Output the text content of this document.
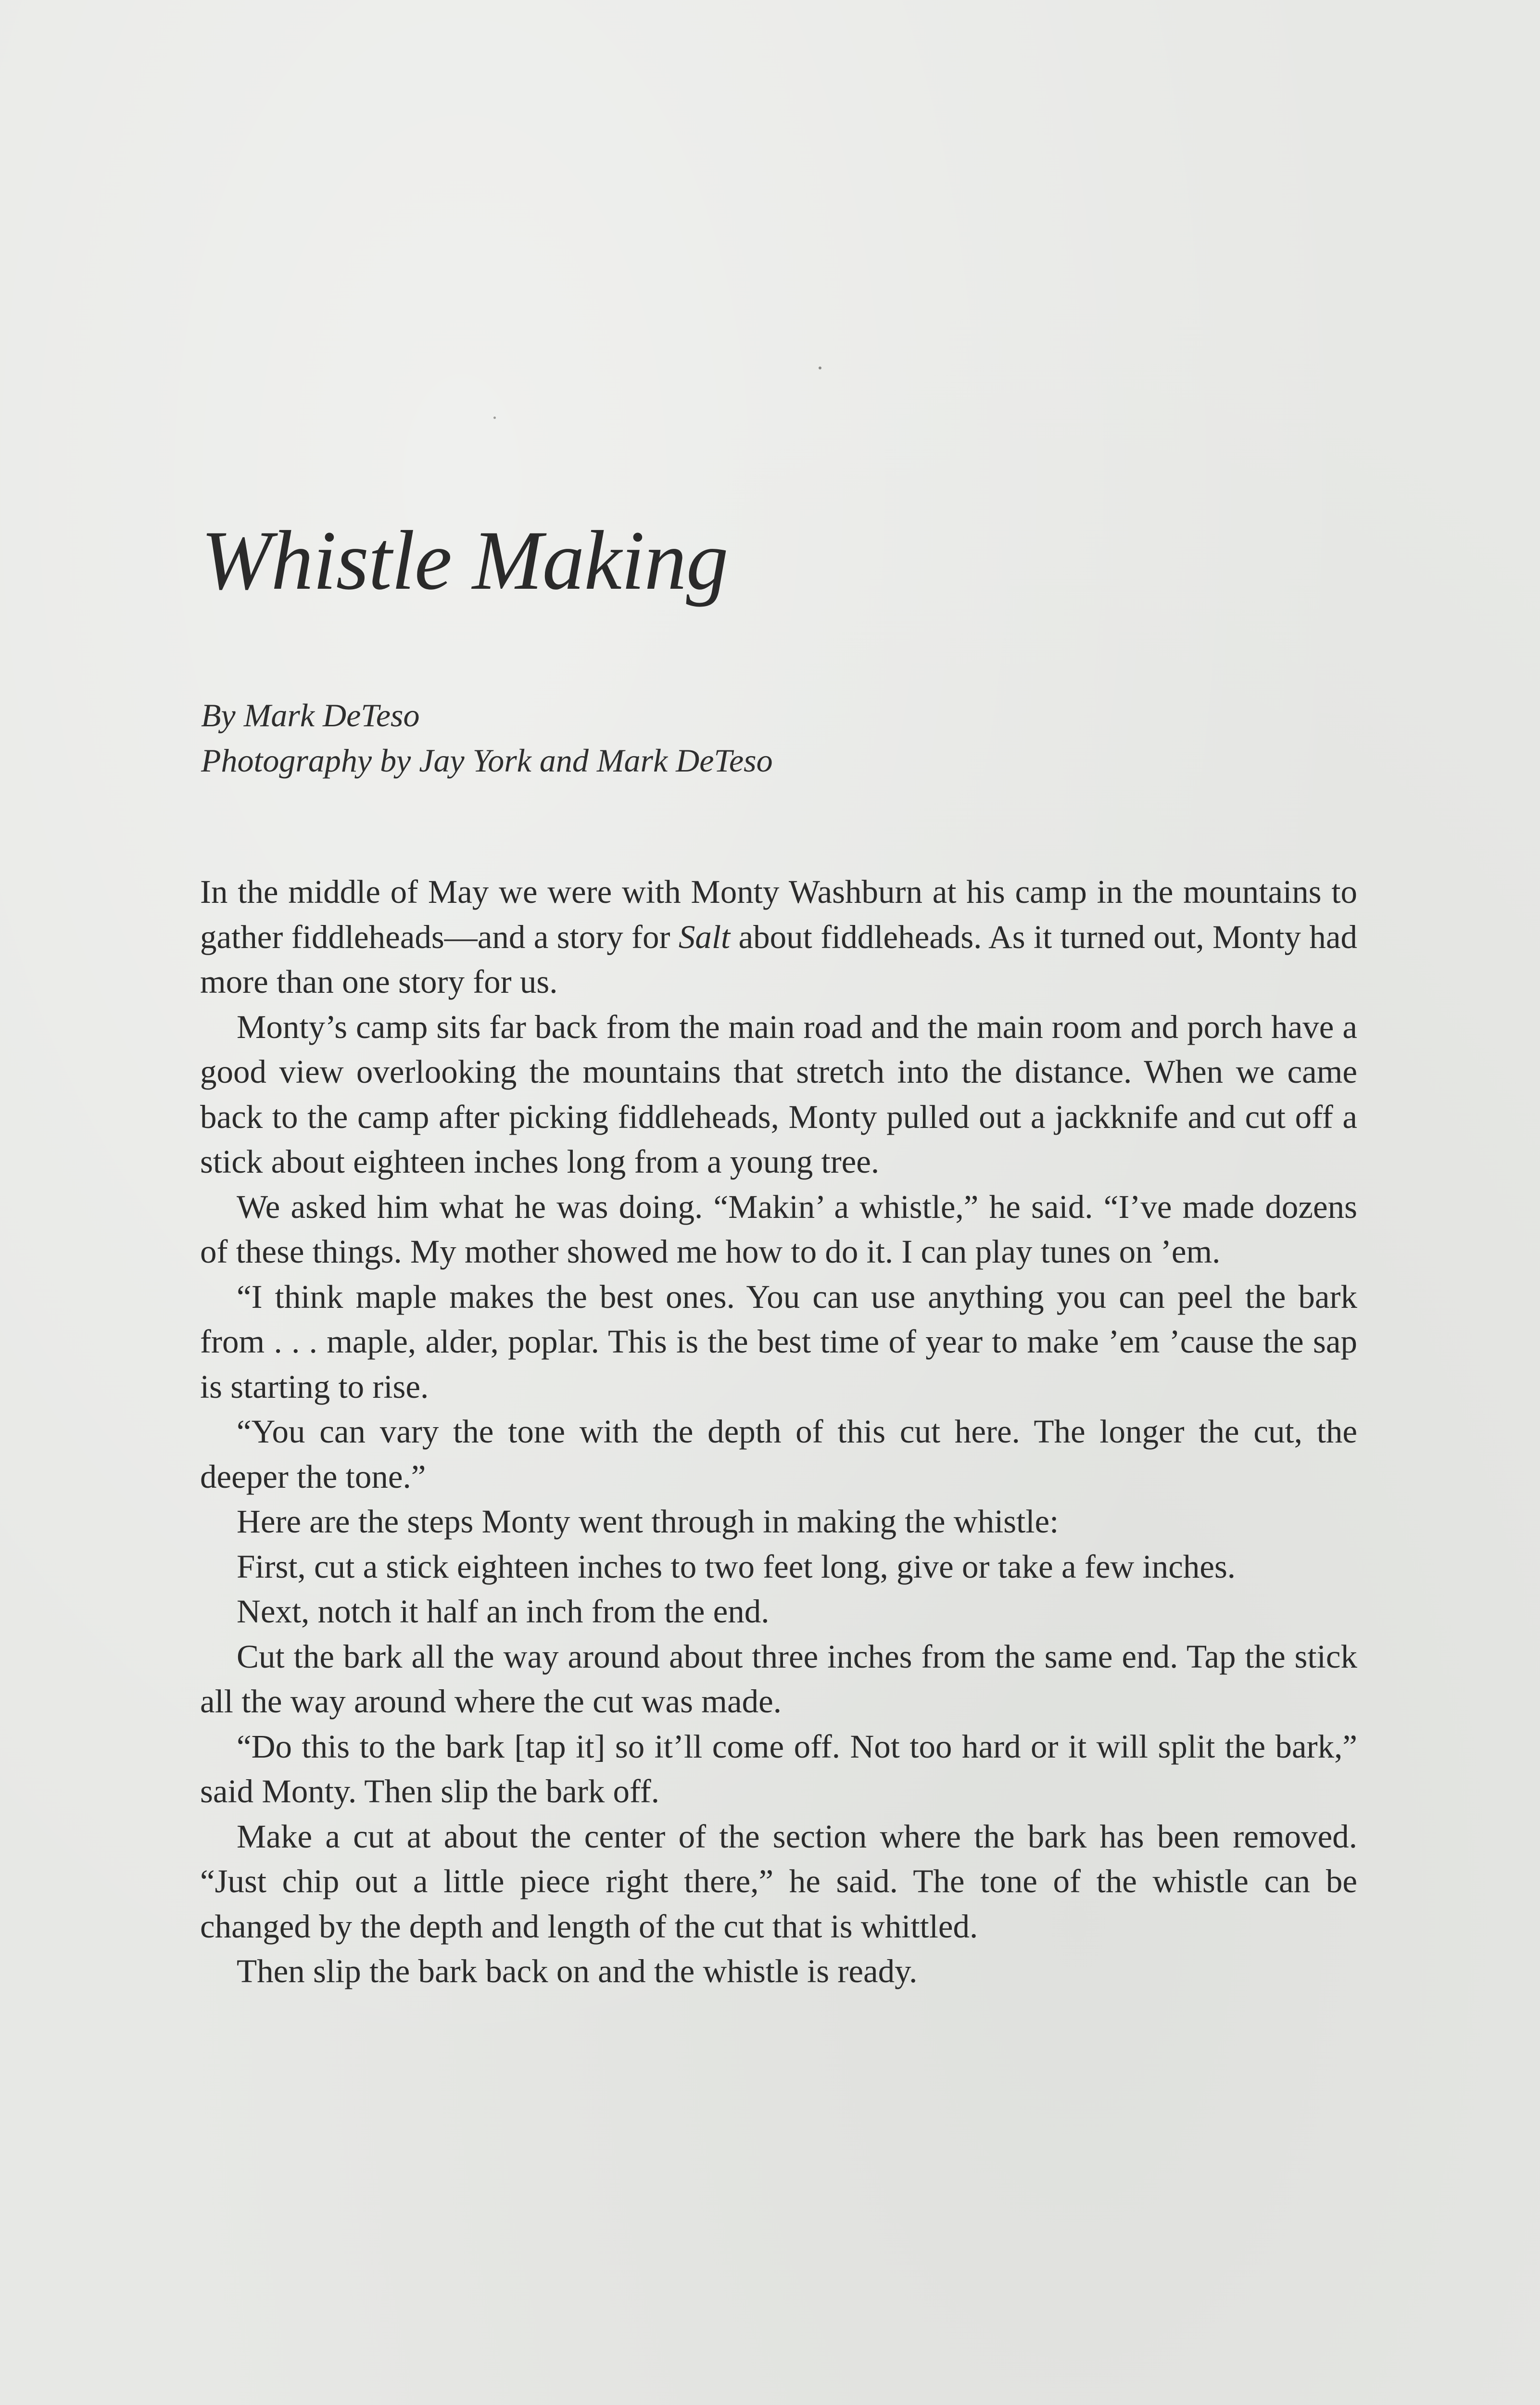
Whistle Making
By Mark DeTeso
Photography by Jay York and Mark DeTeso

In the middle of May we were with Monty Washburn at his camp in the mountains to gather fiddleheads—and a story for Salt about fiddleheads. As it turned out, Monty had more than one story for us.

Monty’s camp sits far back from the main road and the main room and porch have a good view overlooking the mountains that stretch into the distance. When we came back to the camp after picking fiddleheads, Monty pulled out a jackknife and cut off a stick about eighteen inches long from a young tree.

We asked him what he was doing. “Makin’ a whistle,” he said. “I’ve made dozens of these things. My mother showed me how to do it. I can play tunes on ’em.

“I think maple makes the best ones. You can use anything you can peel the bark from . . . maple, alder, poplar. This is the best time of year to make ’em ’cause the sap is starting to rise.

“You can vary the tone with the depth of this cut here. The longer the cut, the deeper the tone.”

Here are the steps Monty went through in making the whistle:

First, cut a stick eighteen inches to two feet long, give or take a few inches.

Next, notch it half an inch from the end.

Cut the bark all the way around about three inches from the same end. Tap the stick all the way around where the cut was made.

“Do this to the bark [tap it] so it’ll come off. Not too hard or it will split the bark,” said Monty. Then slip the bark off.

Make a cut at about the center of the section where the bark has been removed. “Just chip out a little piece right there,” he said. The tone of the whistle can be changed by the depth and length of the cut that is whittled.

Then slip the bark back on and the whistle is ready.
